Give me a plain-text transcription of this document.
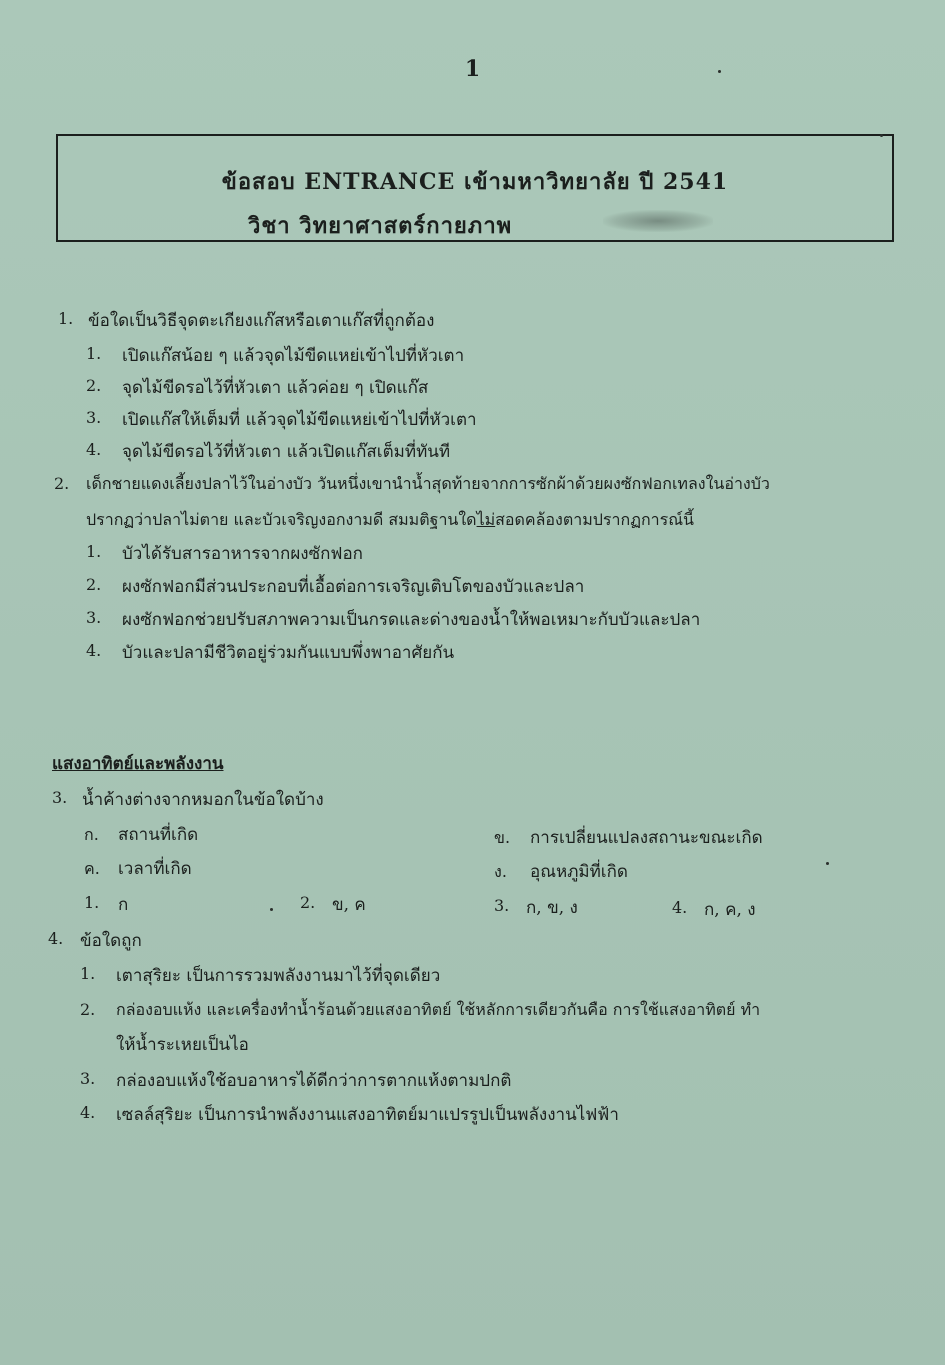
1
ข้อสอบ ENTRANCE เข้ามหาวิทยาลัย ปี 2541
วิชา วิทยาศาสตร์กายภาพ
1. ข้อใดเป็นวิธีจุดตะเกียงแก๊สหรือเตาแก๊สที่ถูกต้อง
1. เปิดแก๊สน้อย ๆ แล้วจุดไม้ขีดแหย่เข้าไปที่หัวเตา
2. จุดไม้ขีดรอไว้ที่หัวเตา แล้วค่อย ๆ เปิดแก๊ส
3. เปิดแก๊สให้เต็มที่ แล้วจุดไม้ขีดแหย่เข้าไปที่หัวเตา
4. จุดไม้ขีดรอไว้ที่หัวเตา แล้วเปิดแก๊สเต็มที่ทันที
2. เด็กชายแดงเลี้ยงปลาไว้ในอ่างบัว วันหนึ่งเขานำน้ำสุดท้ายจากการซักผ้าด้วยผงซักฟอกเทลงในอ่างบัว
ปรากฏว่าปลาไม่ตาย และบัวเจริญงอกงามดี สมมติฐานใดไม่สอดคล้องตามปรากฏการณ์นี้
1. บัวได้รับสารอาหารจากผงซักฟอก
2. ผงซักฟอกมีส่วนประกอบที่เอื้อต่อการเจริญเติบโตของบัวและปลา
3. ผงซักฟอกช่วยปรับสภาพความเป็นกรดและด่างของน้ำให้พอเหมาะกับบัวและปลา
4. บัวและปลามีชีวิตอยู่ร่วมกันแบบพึ่งพาอาศัยกัน
แสงอาทิตย์และพลังงาน
3. น้ำค้างต่างจากหมอกในข้อใดบ้าง
ก. สถานที่เกิด	ข. การเปลี่ยนแปลงสถานะขณะเกิด
ค. เวลาที่เกิด	ง. อุณหภูมิที่เกิด
1. ก	2. ข, ค	3. ก, ข, ง	4. ก, ค, ง
4. ข้อใดถูก
1. เตาสุริยะ เป็นการรวมพลังงานมาไว้ที่จุดเดียว
2. กล่องอบแห้ง และเครื่องทำน้ำร้อนด้วยแสงอาทิตย์ ใช้หลักการเดียวกันคือ การใช้แสงอาทิตย์ ทำ
ให้น้ำระเหยเป็นไอ
3. กล่องอบแห้งใช้อบอาหารได้ดีกว่าการตากแห้งตามปกติ
4. เซลล์สุริยะ เป็นการนำพลังงานแสงอาทิตย์มาแปรรูปเป็นพลังงานไฟฟ้า
